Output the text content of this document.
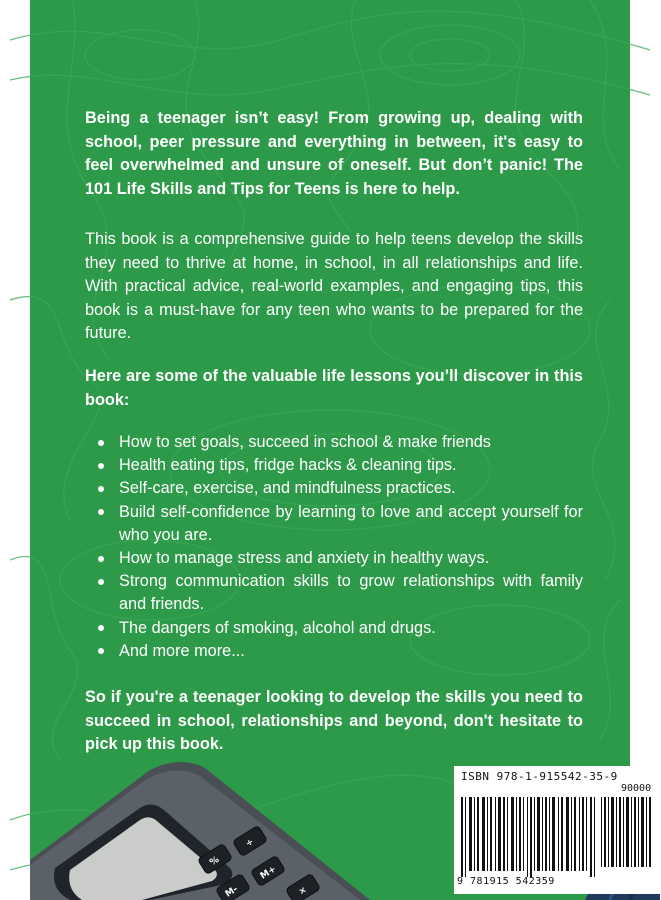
Being a teenager isn’t easy! From growing up, dealing with school, peer pressure and everything in between, it's easy to feel overwhelmed and unsure of oneself. But don’t panic! The 101 Life Skills and Tips for Teens is here to help.

This book is a comprehensive guide to help teens develop the skills they need to thrive at home, in school, in all relationships and life. With practical advice, real-world examples, and engaging tips, this book is a must-have for any teen who wants to be prepared for the future.

Here are some of the valuable life lessons you’ll discover in this book:

How to set goals, succeed in school & make friends
Health eating tips, fridge hacks & cleaning tips.
Self-care, exercise, and mindfulness practices.
Build self-confidence by learning to love and accept yourself for who you are.
How to manage stress and anxiety in healthy ways.
Strong communication skills to grow relationships with family and friends.
The dangers of smoking, alcohol and drugs.
And more more...

So if you're a teenager looking to develop the skills you need to succeed in school, relationships and beyond, don't hesitate to pick up this book.

%
÷
M-
M+
×
ISBN 978-1-915542-35-9
90000
9 781915 542359
